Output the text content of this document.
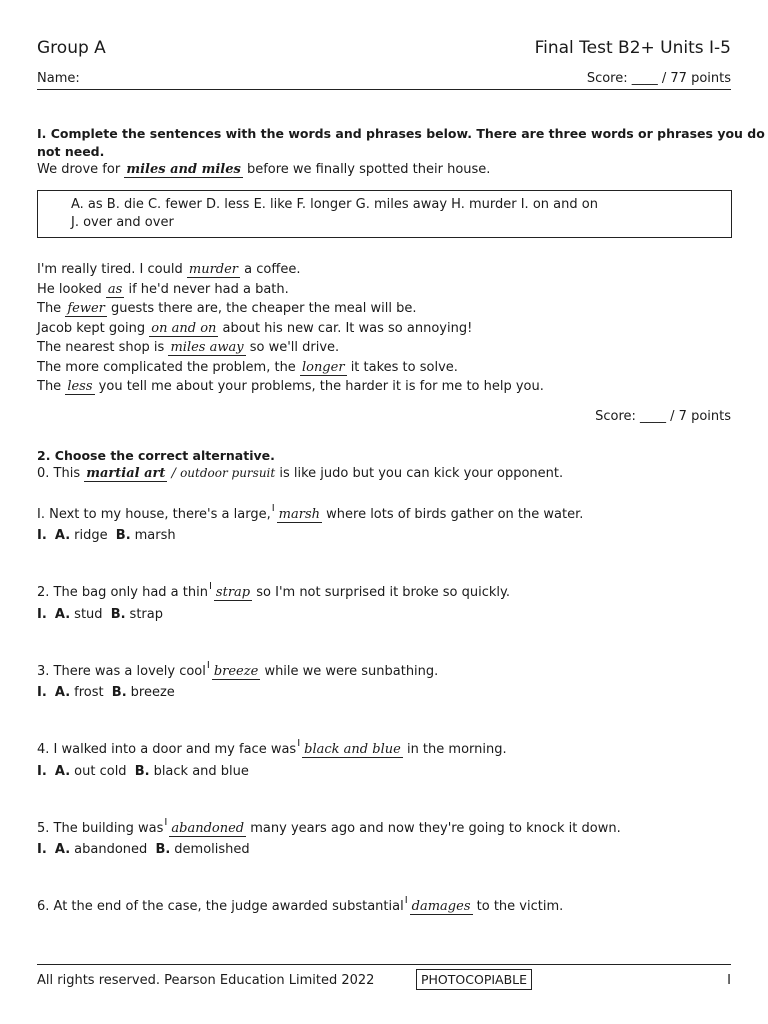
Group A	Final Test B2+ Units I-5
Name:	Score: ____ / 77 points
I. Complete the sentences with the words and phrases below. There are three words or phrases you do
not need.
We drove for miles and miles before we finally spotted their house.
A. as B. die C. fewer D. less E. like F. longer G. miles away H. murder I. on and on
J. over and over
I'm really tired. I could murder a coffee.
He looked as if he'd never had a bath.
The fewer guests there are, the cheaper the meal will be.
Jacob kept going on and on about his new car. It was so annoying!
The nearest shop is miles away so we'll drive.
The more complicated the problem, the longer it takes to solve.
The less you tell me about your problems, the harder it is for me to help you.
Score: ____ / 7 points
2. Choose the correct alternative.
0. This martial art / outdoor pursuit is like judo but you can kick your opponent.
I. Next to my house, there's a large,$^I$ marsh where lots of birds gather on the water.
I. A. ridge B. marsh
2. The bag only had a thin$^I$ strap so I'm not surprised it broke so quickly.
I. A. stud B. strap
3. There was a lovely cool$^I$ breeze while we were sunbathing.
I. A. frost B. breeze
4. I walked into a door and my face was$^I$ black and blue in the morning.
I. A. out cold B. black and blue
5. The building was$^I$ abandoned many years ago and now they're going to knock it down.
I. A. abandoned B. demolished
6. At the end of the case, the judge awarded substantial$^I$ damages to the victim.
All rights reserved. Pearson Education Limited 2022	PHOTOCOPIABLE	I
